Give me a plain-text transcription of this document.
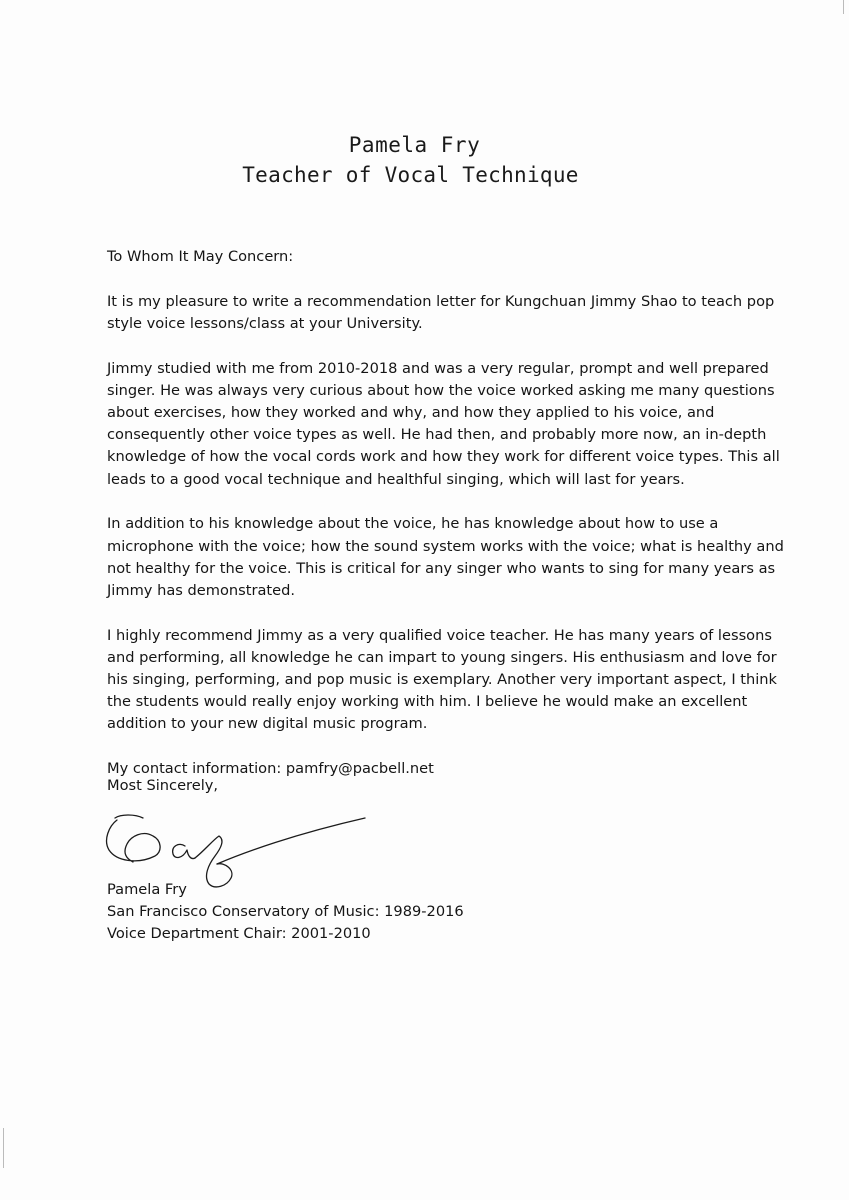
Pamela Fry
Teacher of Vocal Technique

To Whom It May Concern:

It is my pleasure to write a recommendation letter for Kungchuan Jimmy Shao to teach pop style voice lessons/class at your University.

Jimmy studied with me from 2010-2018 and was a very regular, prompt and well prepared singer. He was always very curious about how the voice worked asking me many questions about exercises, how they worked and why, and how they applied to his voice, and consequently other voice types as well. He had then, and probably more now, an in-depth knowledge of how the vocal cords work and how they work for different voice types. This all leads to a good vocal technique and healthful singing, which will last for years.

In addition to his knowledge about the voice, he has knowledge about how to use a microphone with the voice; how the sound system works with the voice; what is healthy and not healthy for the voice. This is critical for any singer who wants to sing for many years as Jimmy has demonstrated.

I highly recommend Jimmy as a very qualified voice teacher. He has many years of lessons and performing, all knowledge he can impart to young singers. His enthusiasm and love for his singing, performing, and pop music is exemplary. Another very important aspect, I think the students would really enjoy working with him. I believe he would make an excellent addition to your new digital music program.

My contact information: pamfry@pacbell.net

Most Sincerely,
Pamela Fry
San Francisco Conservatory of Music: 1989-2016
Voice Department Chair: 2001-2010
